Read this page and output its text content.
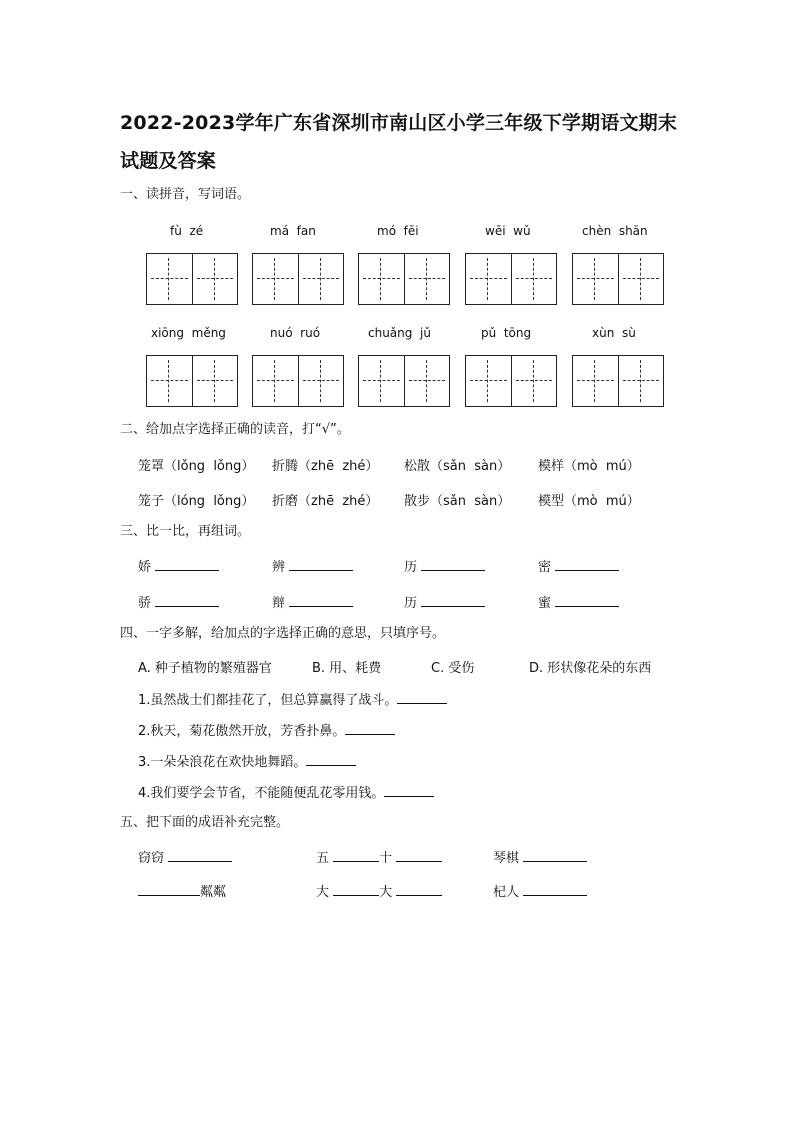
2022-2023学年广东省深圳市南山区小学三年级下学期语文期末试题及答案
一、读拼音，写词语。
fù  zé	má  fan	mó  fēi	wēi  wǔ	chèn  shān
xiōng  měng	nuó  ruó	chuǎng  jǔ	pǔ  tōng	xùn  sù
二、给加点字选择正确的读音，打“√”。
笼罩（lǒng  lǒng） 折腾（zhē  zhé） 松散（sǎn  sàn） 模样（mò  mú）
笼子（lóng  lǒng） 折磨（zhē  zhé） 散步（sǎn  sàn） 模型（mò  mú）
三、比一比，再组词。
娇	辨	历	密
骄	辩	历	蜜
四、一字多解，给加点的字选择正确的意思，只填序号。
A. 种子植物的繁殖器官	B. 用、耗费	C. 受伤	D. 形状像花朵的东西
1.虽然战士们都挂花了，但总算赢得了战斗。
2.秋天，菊花傲然开放，芳香扑鼻。
3.一朵朵浪花在欢快地舞蹈。
4.我们要学会节省，不能随便乱花零用钱。
五、把下面的成语补充完整。
窃窃	五	十	琴棋
粼粼	大	大	杞人
